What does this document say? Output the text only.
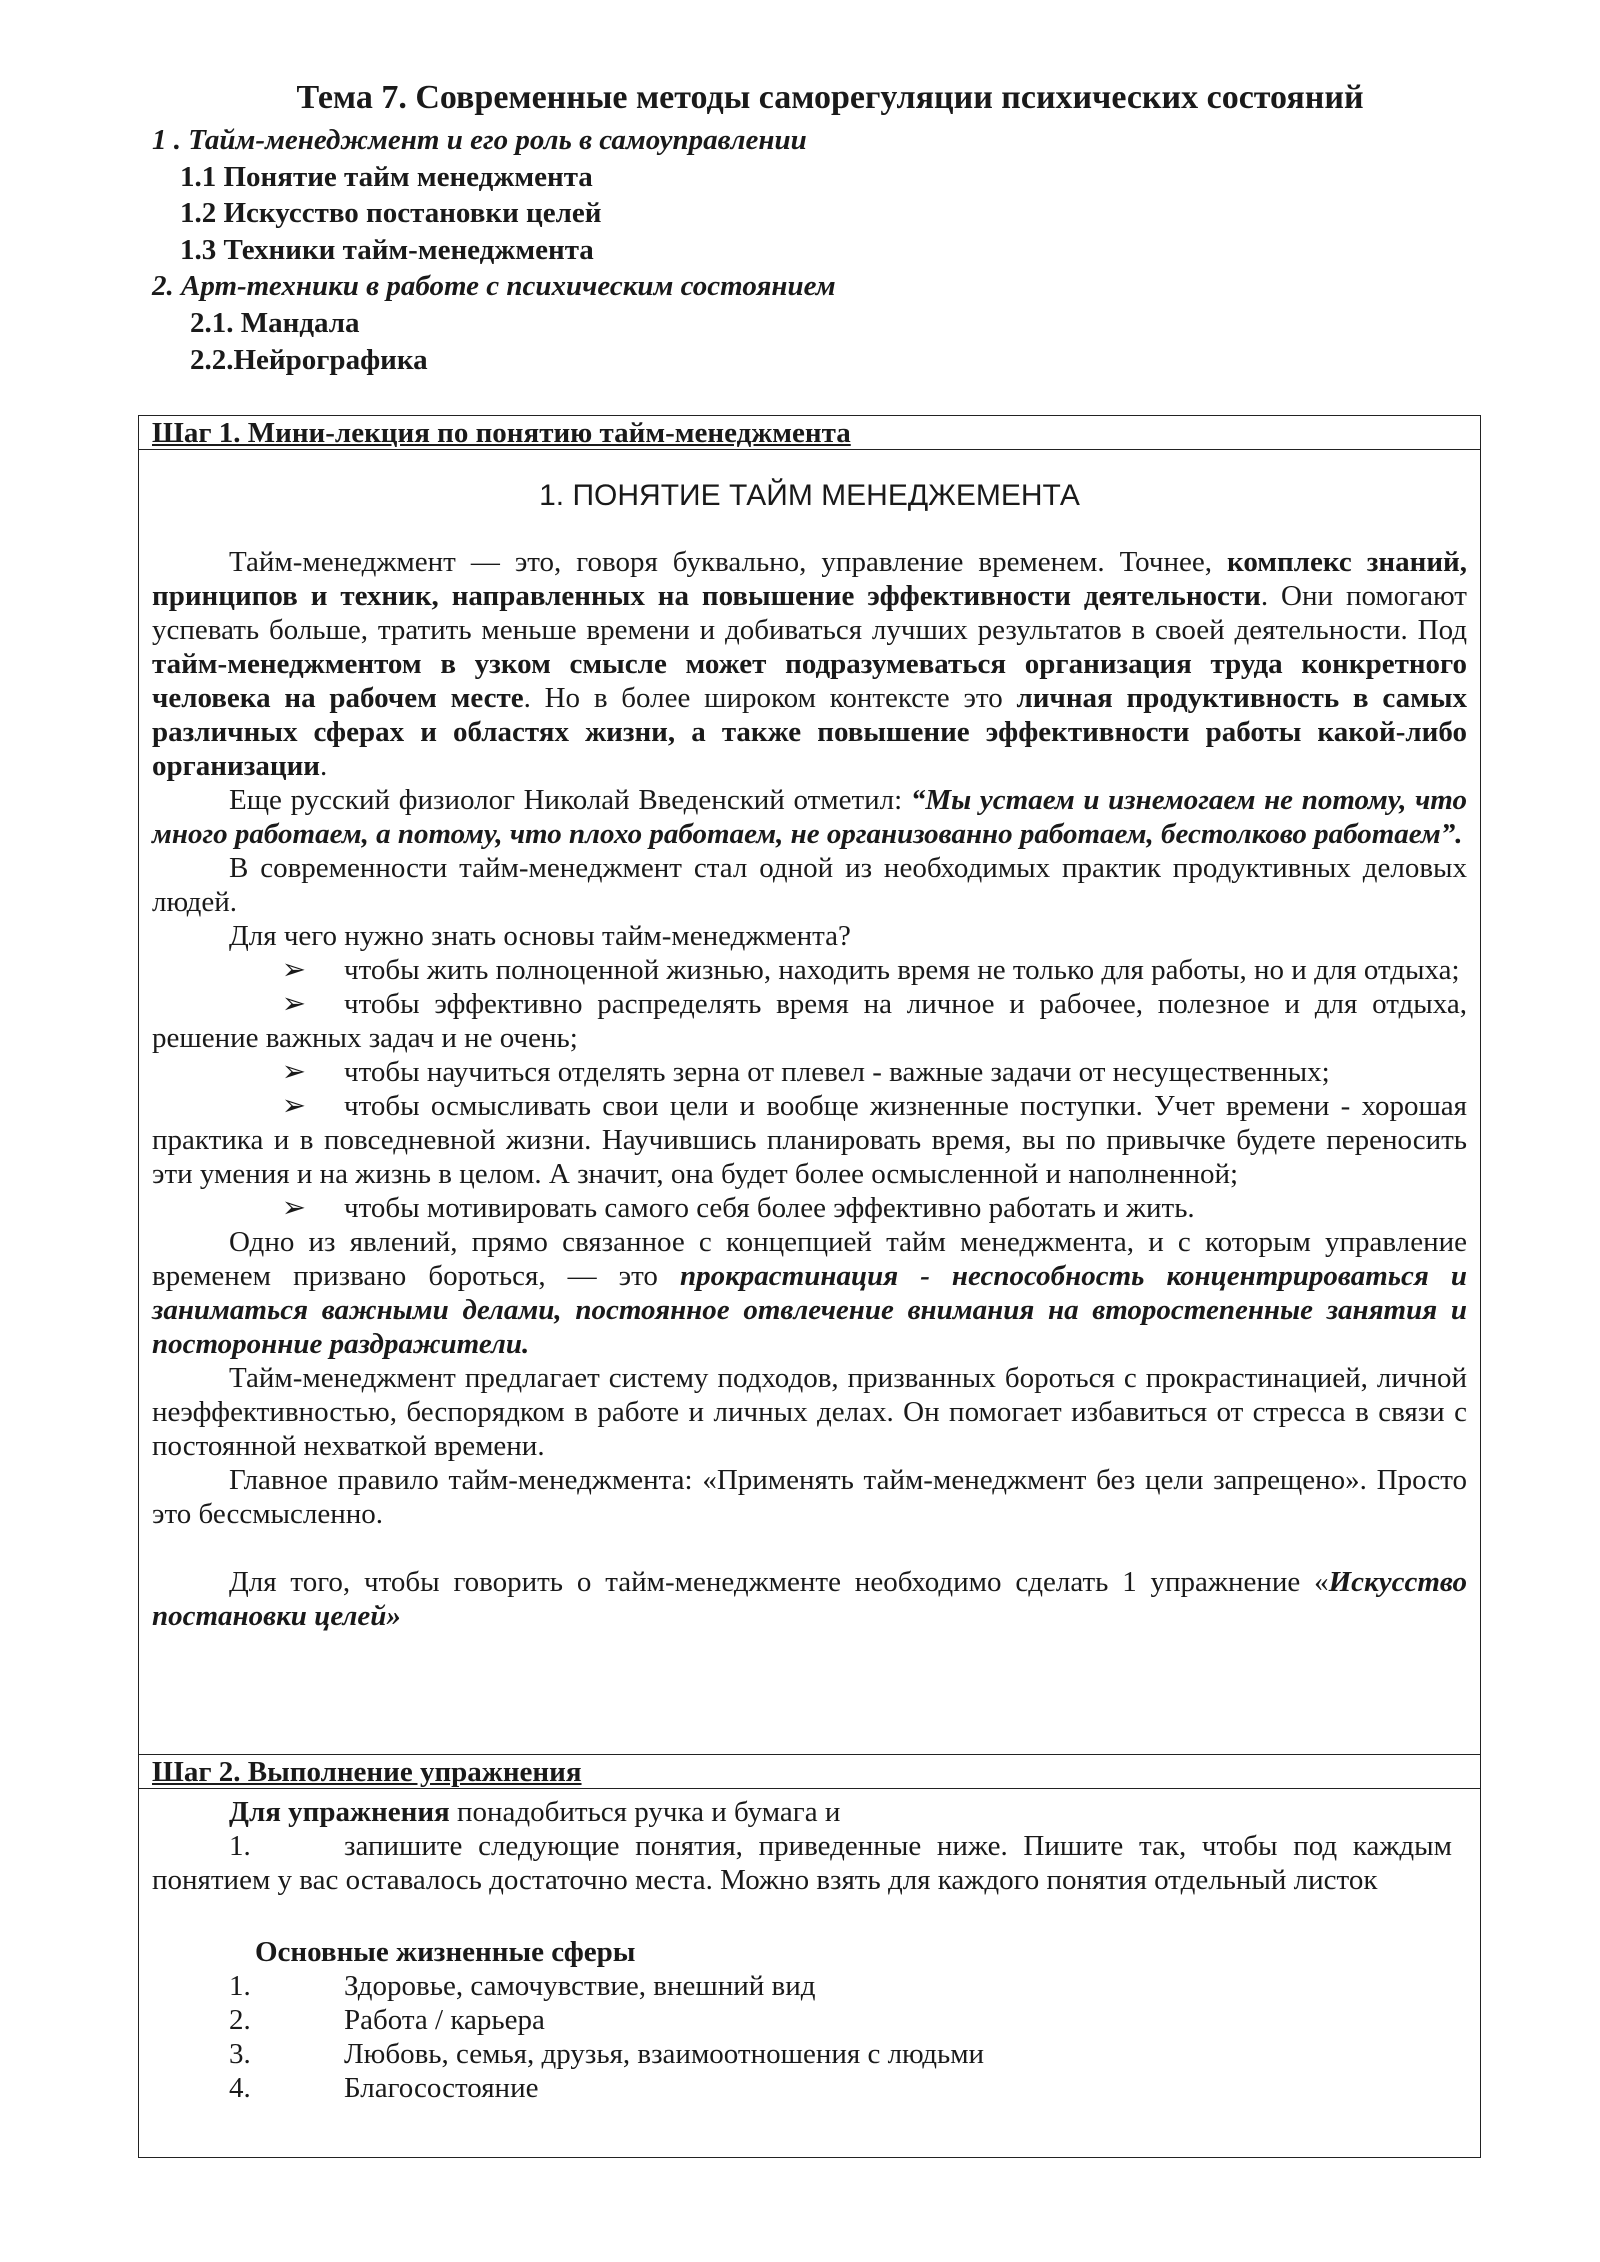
Тема 7. Современные методы саморегуляции психических состояний
1 . Тайм-менеджмент и его роль в самоуправлении
1.1 Понятие тайм менеджмента
1.2 Искусство постановки целей
1.3 Техники тайм-менеджмента
2. Арт-техники в работе с психическим состоянием
2.1. Мандала
2.2.Нейрографика
Шаг 1. Мини-лекция по понятию тайм-менеджмента
1. ПОНЯТИЕ ТАЙМ МЕНЕДЖЕМЕНТА

Тайм-менеджмент — это, говоря буквально, управление временем. Точнее, комплекс знаний, принципов и техник, направленных на повышение эффективности деятельности. Они помогают успевать больше, тратить меньше времени и добиваться лучших результатов в своей деятельности. Под тайм-менеджментом в узком смысле может подразумеваться организация труда конкретного человека на рабочем месте. Но в более широком контексте это личная продуктивность в самых различных сферах и областях жизни, а также повышение эффективности работы какой-либо организации.

Еще русский физиолог Николай Введенский отметил: “Мы устаем и изнемогаем не потому, что много работаем, а потому, что плохо работаем, не организованно работаем, бестолково работаем”.

В современности тайм-менеджмент стал одной из необходимых практик продуктивных деловых людей.

Для чего нужно знать основы тайм-менеджмента?

➢ чтобы жить полноценной жизнью, находить время не только для работы, но и для отдыха;

➢ чтобы эффективно распределять время на личное и рабочее, полезное и для отдыха, решение важных задач и не очень;

➢ чтобы научиться отделять зерна от плевел - важные задачи от несущественных;

➢ чтобы осмысливать свои цели и вообще жизненные поступки. Учет времени - хорошая практика и в повседневной жизни. Научившись планировать время, вы по привычке будете переносить эти умения и на жизнь в целом. А значит, она будет более осмысленной и наполненной;

➢ чтобы мотивировать самого себя более эффективно работать и жить.

Одно из явлений, прямо связанное с концепцией тайм менеджмента, и с которым управление временем призвано бороться, — это прокрастинация - неспособность концентрироваться и заниматься важными делами, постоянное отвлечение внимания на второстепенные занятия и посторонние раздражители.

Тайм-менеджмент предлагает систему подходов, призванных бороться с прокрастинацией, личной неэффективностью, беспорядком в работе и личных делах. Он помогает избавиться от стресса в связи с постоянной нехваткой времени.

Главное правило тайм-менеджмента: «Применять тайм-менеджмент без цели запрещено». Просто это бессмысленно.

Для того, чтобы говорить о тайм-менеджменте необходимо сделать 1 упражнение «Искусство постановки целей»

Шаг 2. Выполнение упражнения

Для упражнения понадобиться ручка и бумага и

1.	запишите следующие понятия, приведенные ниже. Пишите так, чтобы под каждым понятием у вас оставалось достаточно места. Можно взять для каждого понятия отдельный листок

Основные жизненные сферы
1.	Здоровье, самочувствие, внешний вид
2.	Работа / карьера
3.	Любовь, семья, друзья, взаимоотношения с людьми
4.	Благосостояние
